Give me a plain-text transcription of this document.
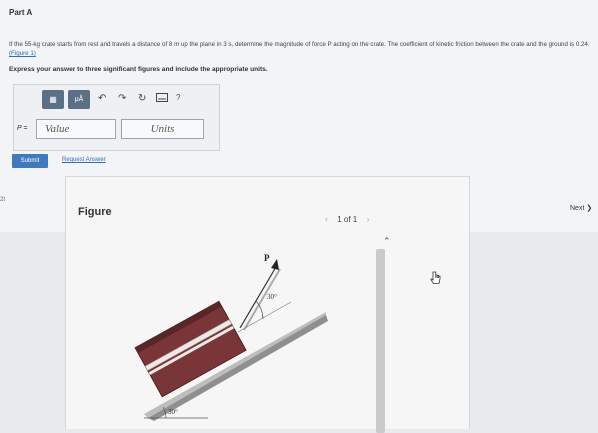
Part A
If the 55-kg crate starts from rest and travels a distance of 8 m up the plane in 3 s, determine the magnitude of force P acting on the crate. The coefficient of kinetic friction between the crate and the ground is 0.24. (Figure 1)
Express your answer to three significant figures and include the appropriate units.
▦	μÅ	↶ ↷ ↻	?
P =	Value	Units
Submit	Request Answer
Next ❯
2t
Figure
‹ 1 of 1 ›
⌃
30°
P
30°
